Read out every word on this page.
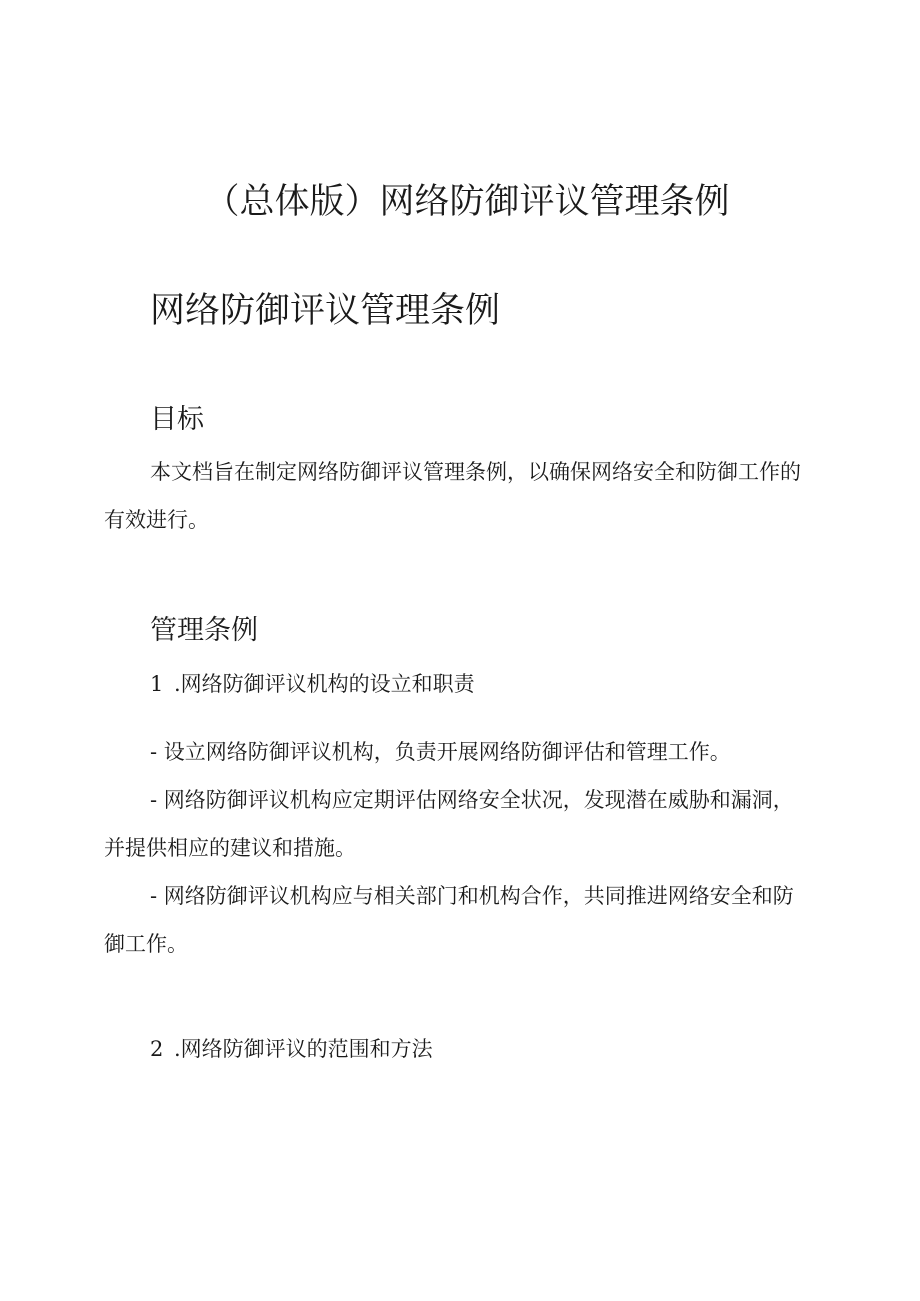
（总体版）网络防御评议管理条例
网络防御评议管理条例
目标
本文档旨在制定网络防御评议管理条例，以确保网络安全和防御工作的有效进行。
管理条例
1 .网络防御评议机构的设立和职责
- 设立网络防御评议机构，负责开展网络防御评估和管理工作。
- 网络防御评议机构应定期评估网络安全状况，发现潜在威胁和漏洞，并提供相应的建议和措施。
- 网络防御评议机构应与相关部门和机构合作，共同推进网络安全和防御工作。
2 .网络防御评议的范围和方法
